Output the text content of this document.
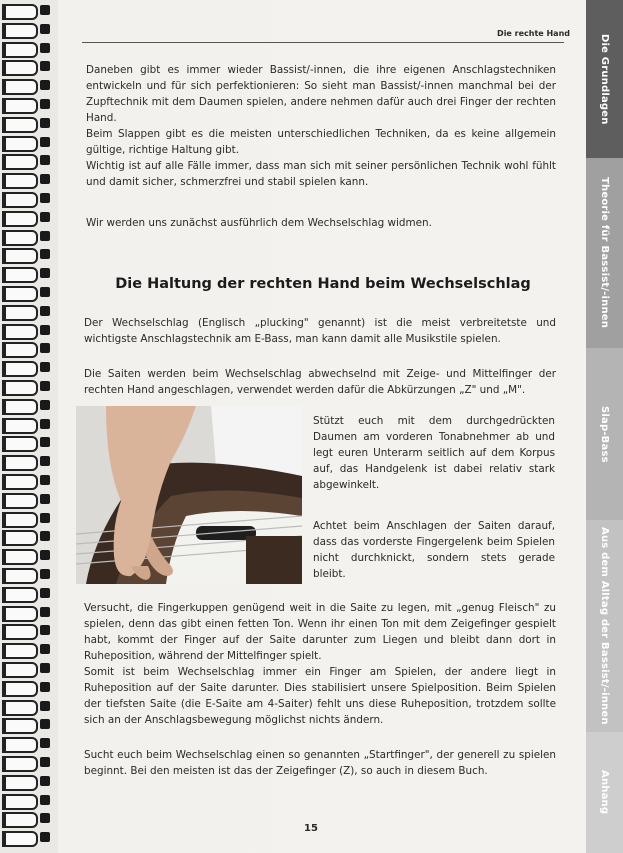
Die rechte Hand
Die Grundlagen
Theorie für Bassist/-innen
Slap-Bass
Aus dem Alltag der Bassist/-innen
Anhang

Daneben gibt es immer wieder Bassist/-innen, die ihre eigenen Anschlagstechniken entwickeln und für sich perfektionieren: So sieht man Bassist/-innen manchmal bei der Zupftechnik mit dem Daumen spielen, andere nehmen dafür auch drei Finger der rechten Hand.

Beim Slappen gibt es die meisten unterschiedlichen Techniken, da es keine allgemein gültige, richtige Haltung gibt.

Wichtig ist auf alle Fälle immer, dass man sich mit seiner persönlichen Technik wohl fühlt und damit sicher, schmerzfrei und stabil spielen kann.

Wir werden uns zunächst ausführlich dem Wechselschlag widmen.
Die Haltung der rechten Hand beim Wechselschlag
Der Wechselschlag (Englisch „plucking" genannt) ist die meist verbreitetste und wichtigste Anschlagstechnik am E-Bass, man kann damit alle Musikstile spielen.
Die Saiten werden beim Wechselschlag abwechselnd mit Zeige- und Mittelfinger der rechten Hand angeschlagen, verwendet werden dafür die Abkürzungen „Z" und „M".
Stützt euch mit dem durchgedrückten Daumen am vorderen Tonabnehmer ab und legt euren Unterarm seitlich auf dem Korpus auf, das Handgelenk ist dabei relativ stark abgewinkelt.
Achtet beim Anschlagen der Saiten darauf, dass das vorderste Fingergelenk beim Spielen nicht durchknickt, sondern stets gerade bleibt.

Versucht, die Fingerkuppen genügend weit in die Saite zu legen, mit „genug Fleisch" zu spielen, denn das gibt einen fetten Ton. Wenn ihr einen Ton mit dem Zeigefinger gespielt habt, kommt der Finger auf der Saite darunter zum Liegen und bleibt dann dort in Ruheposition, während der Mittelfinger spielt.

Somit ist beim Wechselschlag immer ein Finger am Spielen, der andere liegt in Ruheposition auf der Saite darunter. Dies stabilisiert unsere Spielposition. Beim Spielen der tiefsten Saite (die E-Saite am 4-Saiter) fehlt uns diese Ruheposition, trotzdem sollte sich an der Anschlagsbewegung möglichst nichts ändern.

Sucht euch beim Wechselschlag einen so genannten „Startfinger", der generell zu spielen beginnt. Bei den meisten ist das der Zeigefinger (Z), so auch in diesem Buch.
15
